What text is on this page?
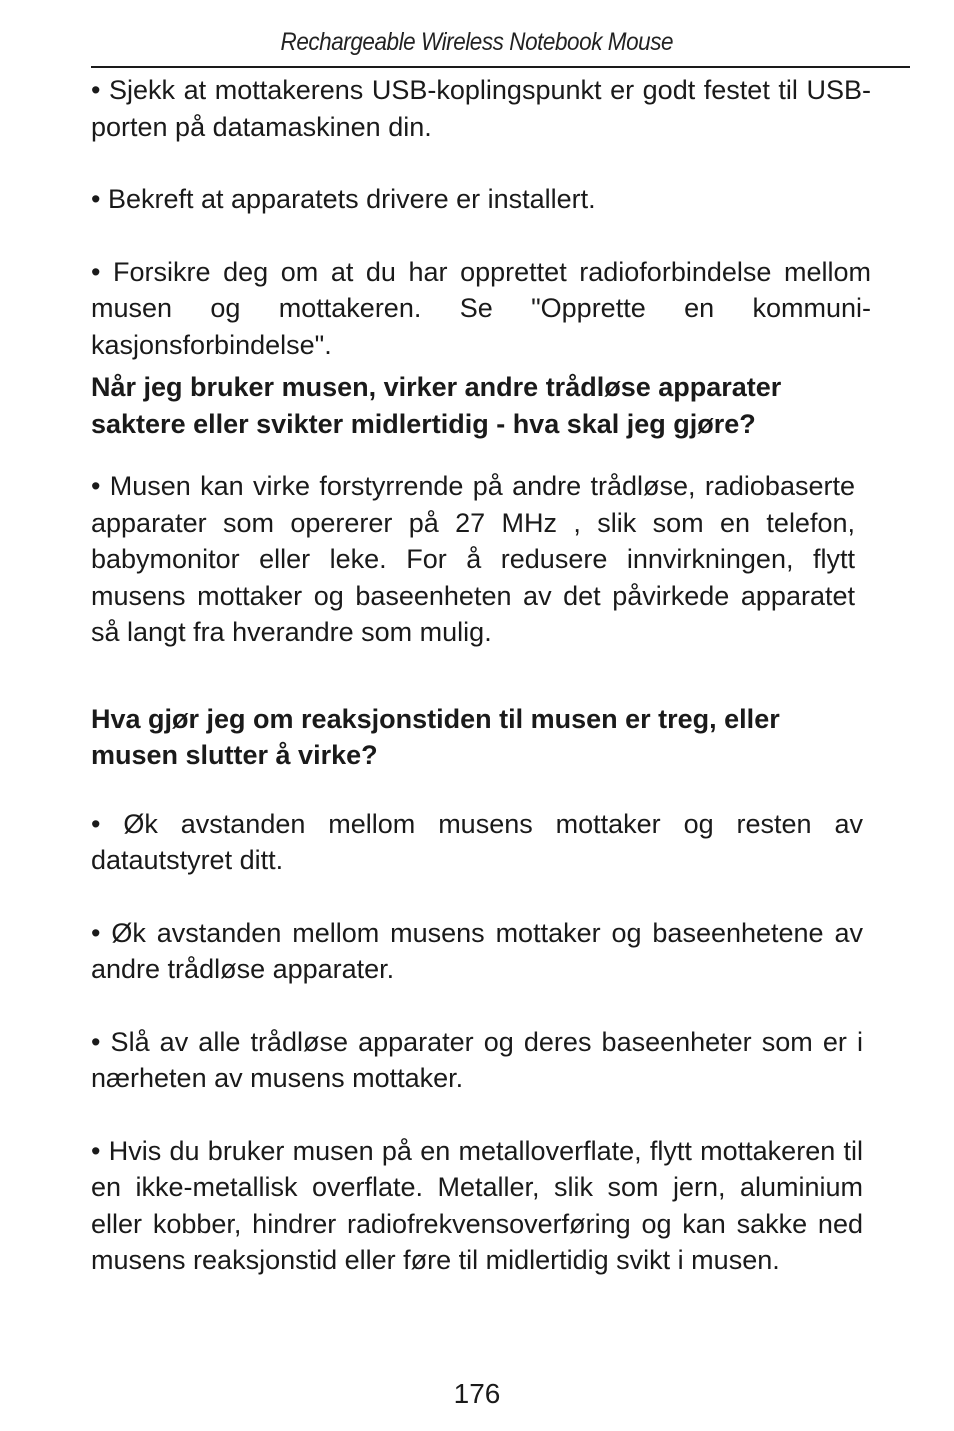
Rechargeable Wireless Notebook Mouse

• Sjekk at mottakerens USB-koplingspunkt er godt festet til USB-porten på datamaskinen din.

• Bekreft at apparatets drivere er installert.

• Forsikre deg om at du har opprettet radioforbindelse mellom musen og mottakeren. Se "Opprette en kommunikasjonsforbindelse".

Når jeg bruker musen, virker andre trådløse apparater saktere eller svikter midlertidig - hva skal jeg gjøre?

• Musen kan virke forstyrrende på andre trådløse, radiobaserte apparater som opererer på 27 MHz , slik som en telefon, babymonitor eller leke. For å redusere innvirkningen, flytt musens mottaker og baseenheten av det påvirkede apparatet så langt fra hverandre som mulig.

Hva gjør jeg om reaksjonstiden til musen er treg, eller musen slutter å virke?

• Øk avstanden mellom musens mottaker og resten av datautstyret ditt.

• Øk avstanden mellom musens mottaker og baseenhetene av andre trådløse apparater.

• Slå av alle trådløse apparater og deres baseenheter som er i nærheten av musens mottaker.

• Hvis du bruker musen på en metalloverflate, flytt mottakeren til en ikke-metallisk overflate. Metaller, slik som jern, aluminium eller kobber, hindrer radiofrekvensoverføring og kan sakke ned musens reaksjonstid eller føre til midlertidig svikt i musen.

176
